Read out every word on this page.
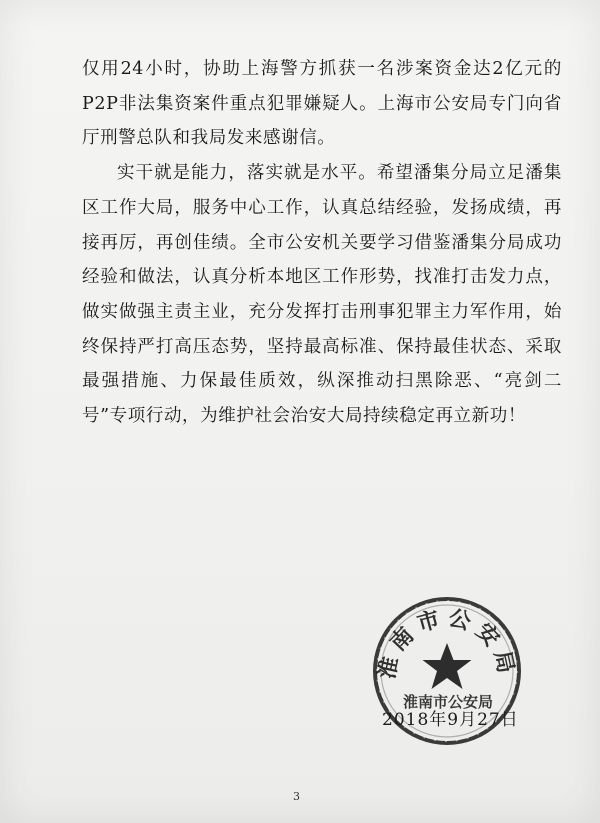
仅用24小时，协助上海警方抓获一名涉案资金达2亿元的P2P非法集资案件重点犯罪嫌疑人。上海市公安局专门向省厅刑警总队和我局发来感谢信。

实干就是能力，落实就是水平。希望潘集分局立足潘集区工作大局，服务中心工作，认真总结经验，发扬成绩，再接再厉，再创佳绩。全市公安机关要学习借鉴潘集分局成功经验和做法，认真分析本地区工作形势，找准打击发力点，做实做强主责主业，充分发挥打击刑事犯罪主力军作用，始终保持严打高压态势，坚持最高标准、保持最佳状态、采取最强措施、力保最佳质效，纵深推动扫黑除恶、“亮剑二号”专项行动，为维护社会治安大局持续稳定再立新功！

淮南市公安局
淮南市公安局
2018年9月27日
3
